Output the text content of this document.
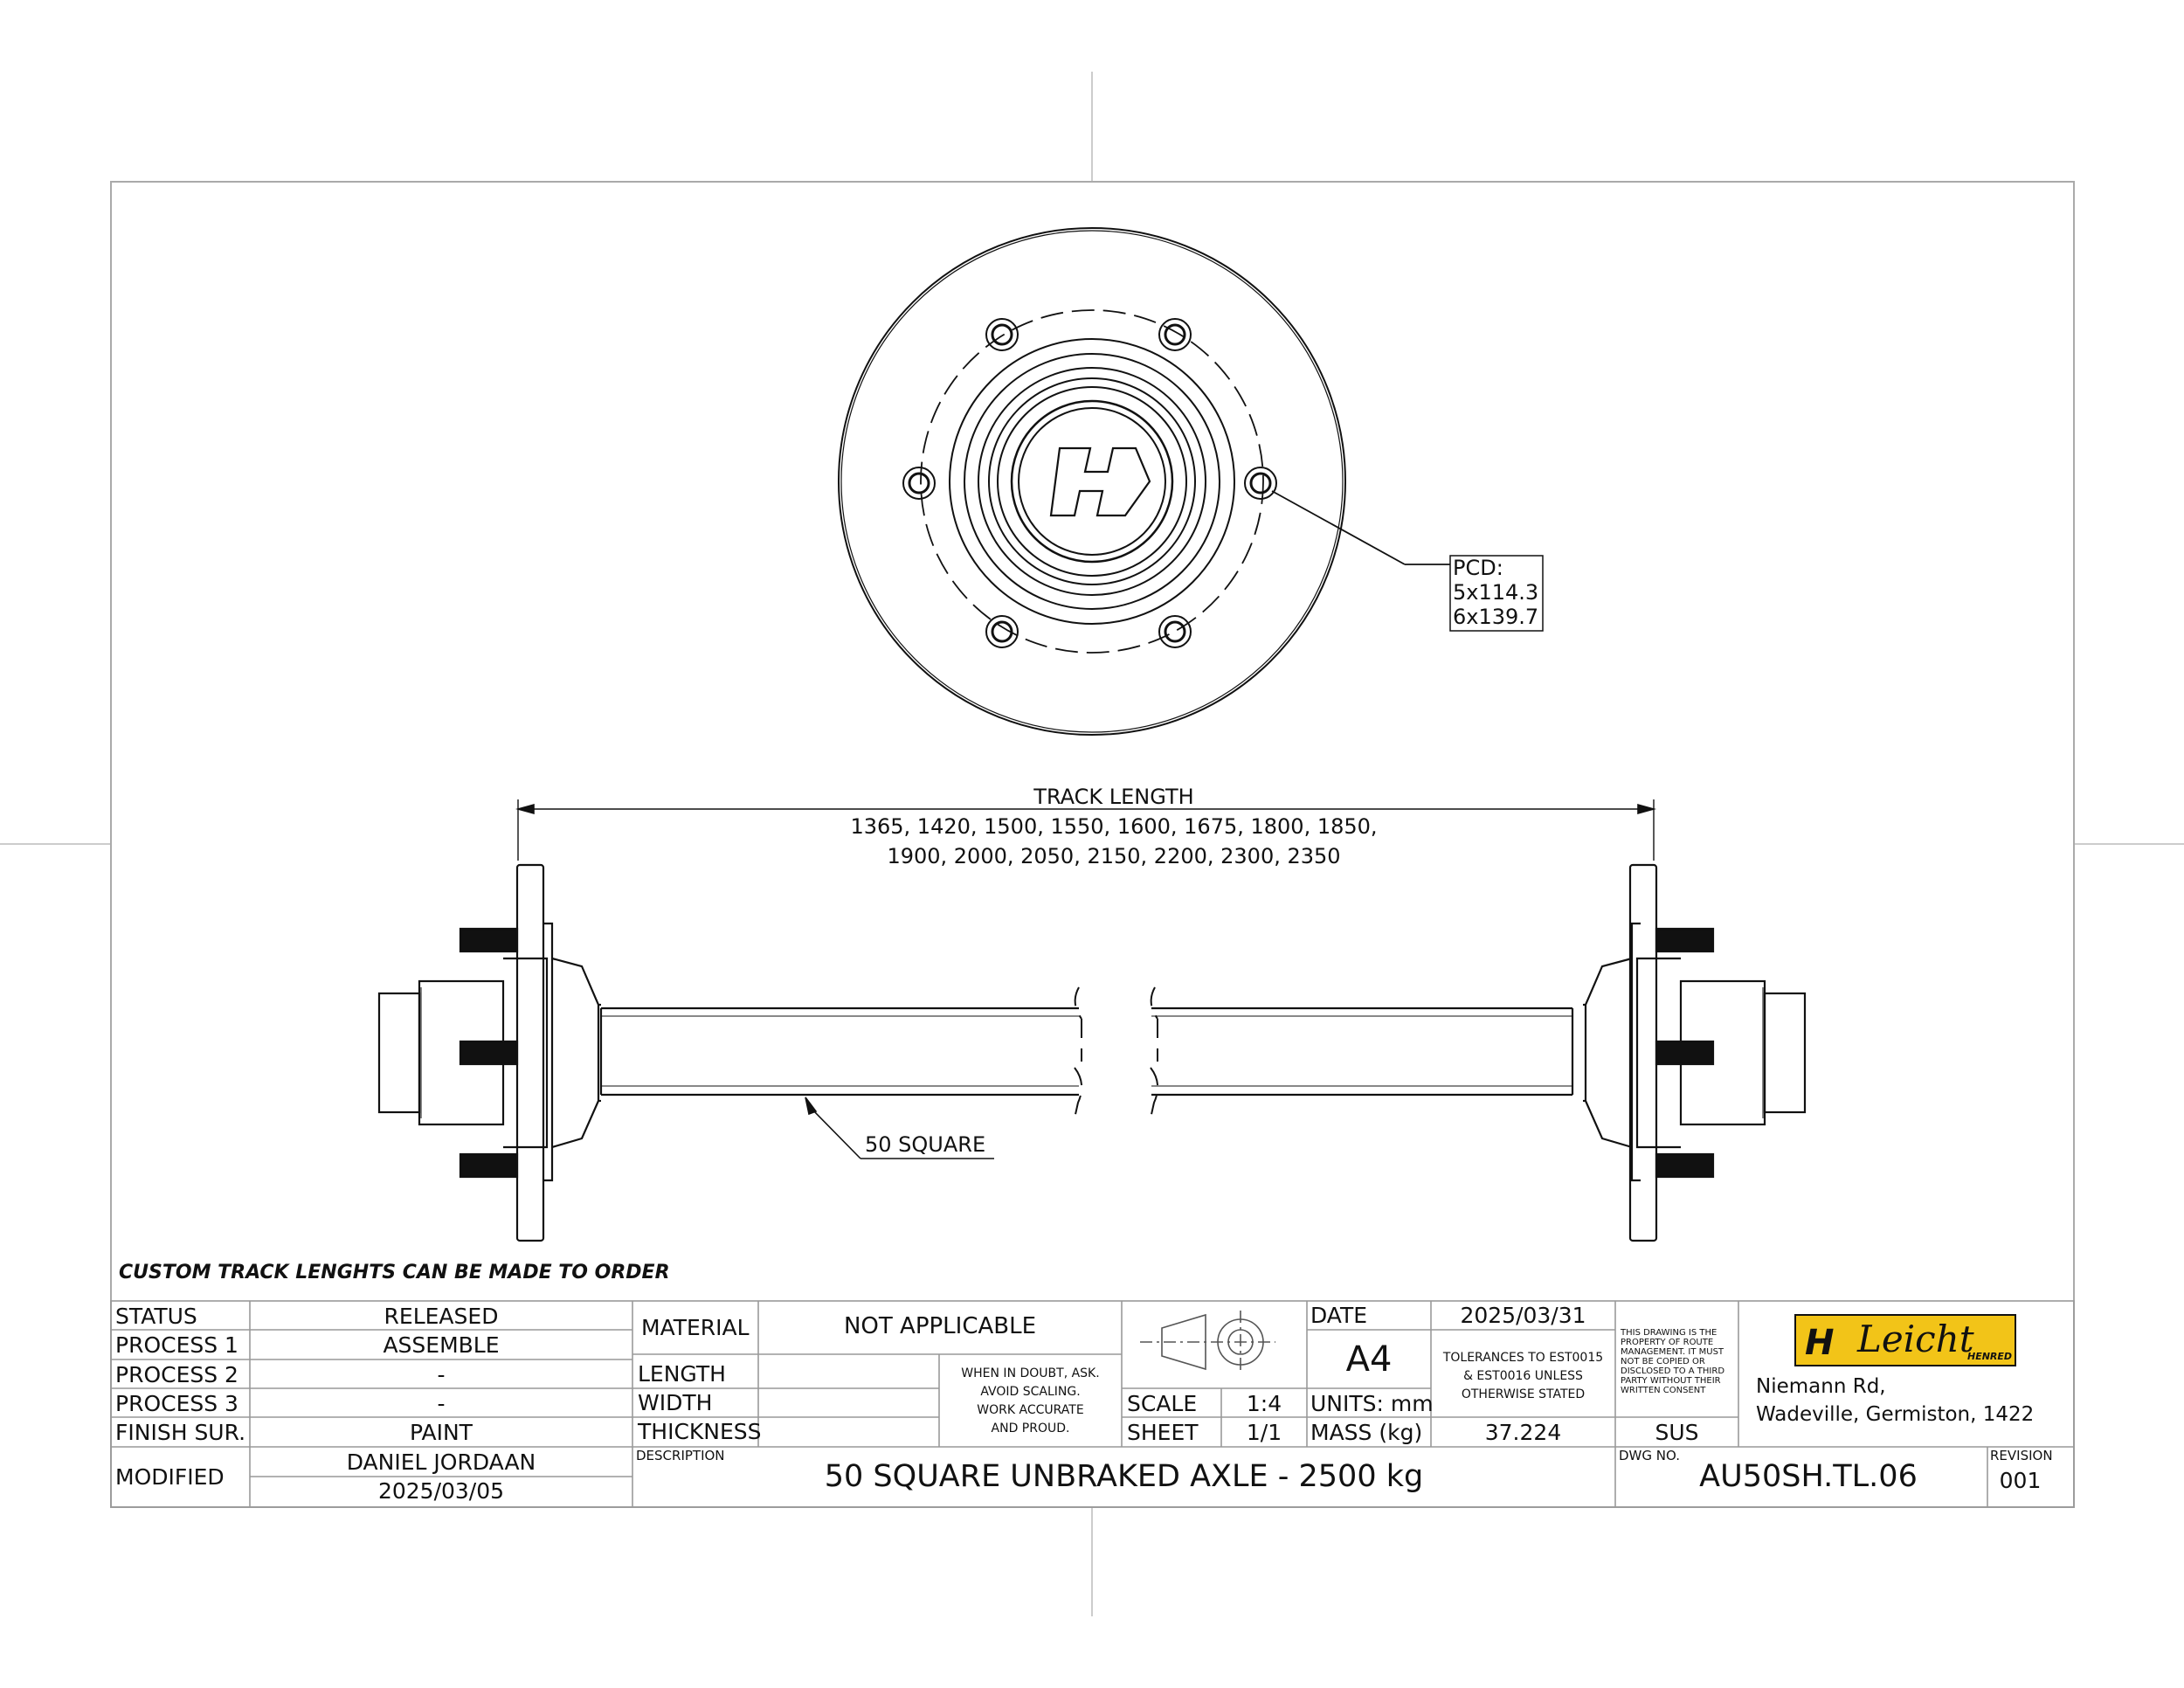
PCD:
5x114.3
6x139.7
TRACK LENGTH
1365, 1420, 1500, 1550, 1600, 1675, 1800, 1850,
1900, 2000, 2050, 2150, 2200, 2300, 2350
50 SQUARE
CUSTOM TRACK LENGHTS CAN BE MADE TO ORDER
STATUS	RELEASED
PROCESS 1	ASSEMBLE
PROCESS 2	-
PROCESS 3	-
FINISH SUR.	PAINT
MODIFIED
DANIEL JORDAAN
2025/03/05
MATERIAL	NOT APPLICABLE
LENGTH
WIDTH
THICKNESS
WHEN IN DOUBT, ASK.
AVOID SCALING.
WORK ACCURATE
AND PROUD.
DESCRIPTION
50 SQUARE UNBRAKED AXLE - 2500 kg
SCALE	1:4
SHEET	1/1
DATE	2025/03/31
A4
UNITS: mm
MASS (kg)	37.224
TOLERANCES TO EST0015
& EST0016 UNLESS
OTHERWISE STATED
THIS DRAWING IS THE
PROPERTY OF ROUTE
MANAGEMENT. IT MUST
NOT BE COPIED OR
DISCLOSED TO A THIRD
PARTY WITHOUT THEIR
WRITTEN CONSENT
SUS
H Leicht
HENRED
Niemann Rd,
Wadeville, Germiston, 1422
DWG NO.
AU50SH.TL.06
REVISION
001
